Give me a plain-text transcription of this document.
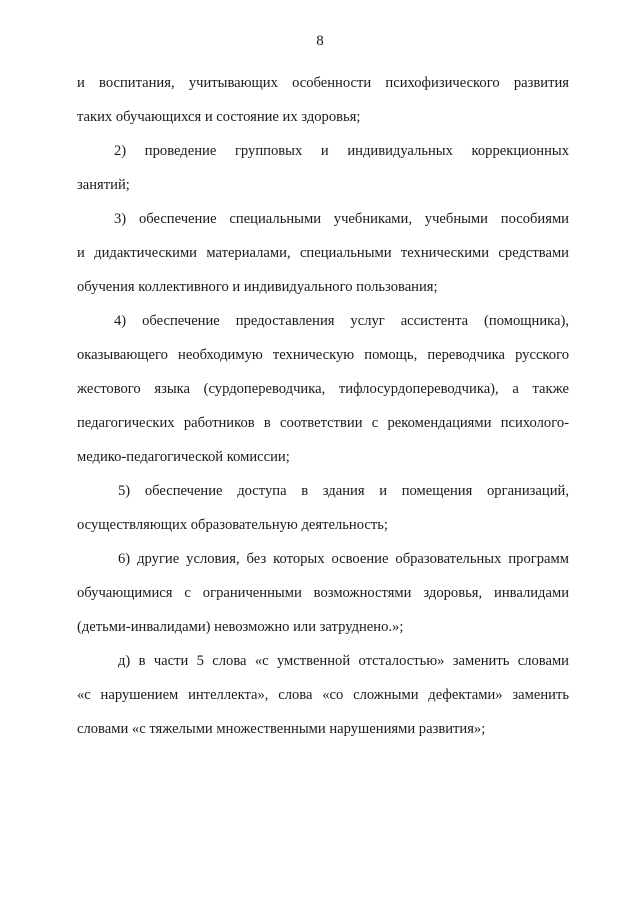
8
и воспитания, учитывающих особенности психофизического развития
таких обучающихся и состояние их здоровья;
2) проведение групповых и индивидуальных коррекционных
занятий;
3) обеспечение специальными учебниками, учебными пособиями
и дидактическими материалами, специальными техническими средствами
обучения коллективного и индивидуального пользования;
4) обеспечение предоставления услуг ассистента (помощника),
оказывающего необходимую техническую помощь, переводчика русского
жестового языка (сурдопереводчика, тифлосурдопереводчика), а также
педагогических работников в соответствии с рекомендациями психолого-
медико-педагогической комиссии;
5) обеспечение доступа в здания и помещения организаций,
осуществляющих образовательную деятельность;
6) другие условия, без которых освоение образовательных программ
обучающимися с ограниченными возможностями здоровья, инвалидами
(детьми-инвалидами) невозможно или затруднено.»;
д) в части 5 слова «с умственной отсталостью» заменить словами
«с нарушением интеллекта», слова «со сложными дефектами» заменить
словами «с тяжелыми множественными нарушениями развития»;
